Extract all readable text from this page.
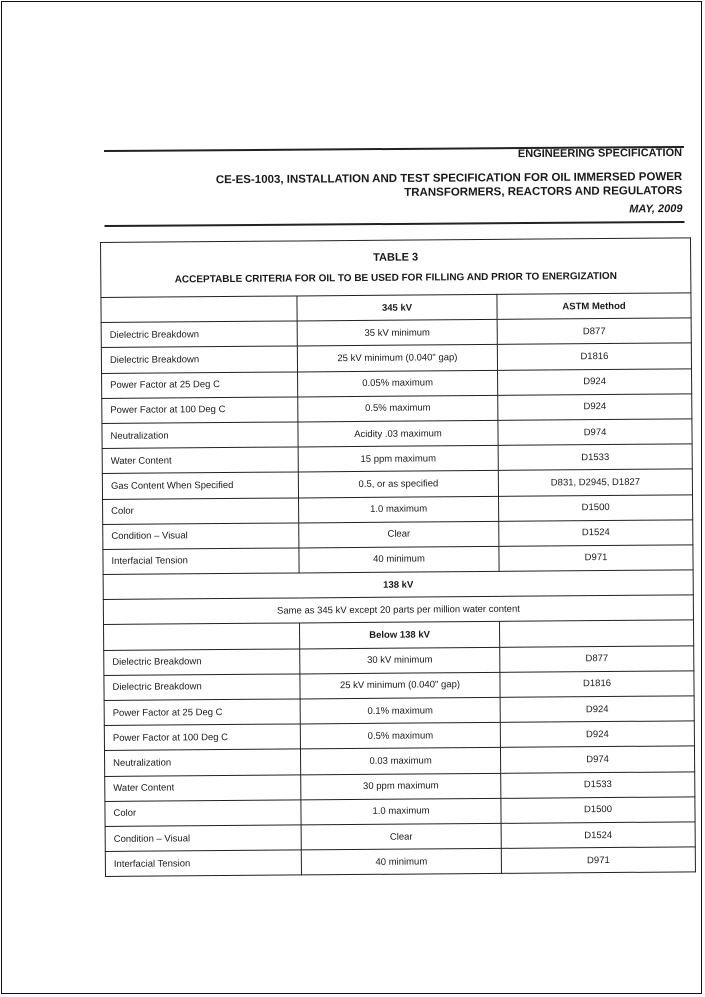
ENGINEERING SPECIFICATION
CE-ES-1003, INSTALLATION AND TEST SPECIFICATION FOR OIL IMMERSED POWER
TRANSFORMERS, REACTORS AND REGULATORS
MAY, 2009
TABLE 3
ACCEPTABLE CRITERIA FOR OIL TO BE USED FOR FILLING AND PRIOR TO ENERGIZATION		

	345 kV	ASTM Method
Dielectric Breakdown	35 kV minimum	D877
Dielectric Breakdown	25 kV minimum (0.040" gap)	D1816
Power Factor at 25 Deg C	0.05% maximum	D924
Power Factor at 100 Deg C	0.5% maximum	D924
Neutralization	Acidity .03 maximum	D974
Water Content	15 ppm maximum	D1533
Gas Content When Specified	0.5, or as specified	D831, D2945, D1827
Color	1.0 maximum	D1500
Condition – Visual	Clear	D1524
Interfacial Tension	40 minimum	D971
138 kV		
Same as 345 kV except 20 parts per million water content		
	Below 138 kV	
Dielectric Breakdown	30 kV minimum	D877
Dielectric Breakdown	25 kV minimum (0.040" gap)	D1816
Power Factor at 25 Deg C	0.1% maximum	D924
Power Factor at 100 Deg C	0.5% maximum	D924
Neutralization	0.03 maximum	D974
Water Content	30 ppm maximum	D1533
Color	1.0 maximum	D1500
Condition – Visual	Clear	D1524
Interfacial Tension	40 minimum	D971
